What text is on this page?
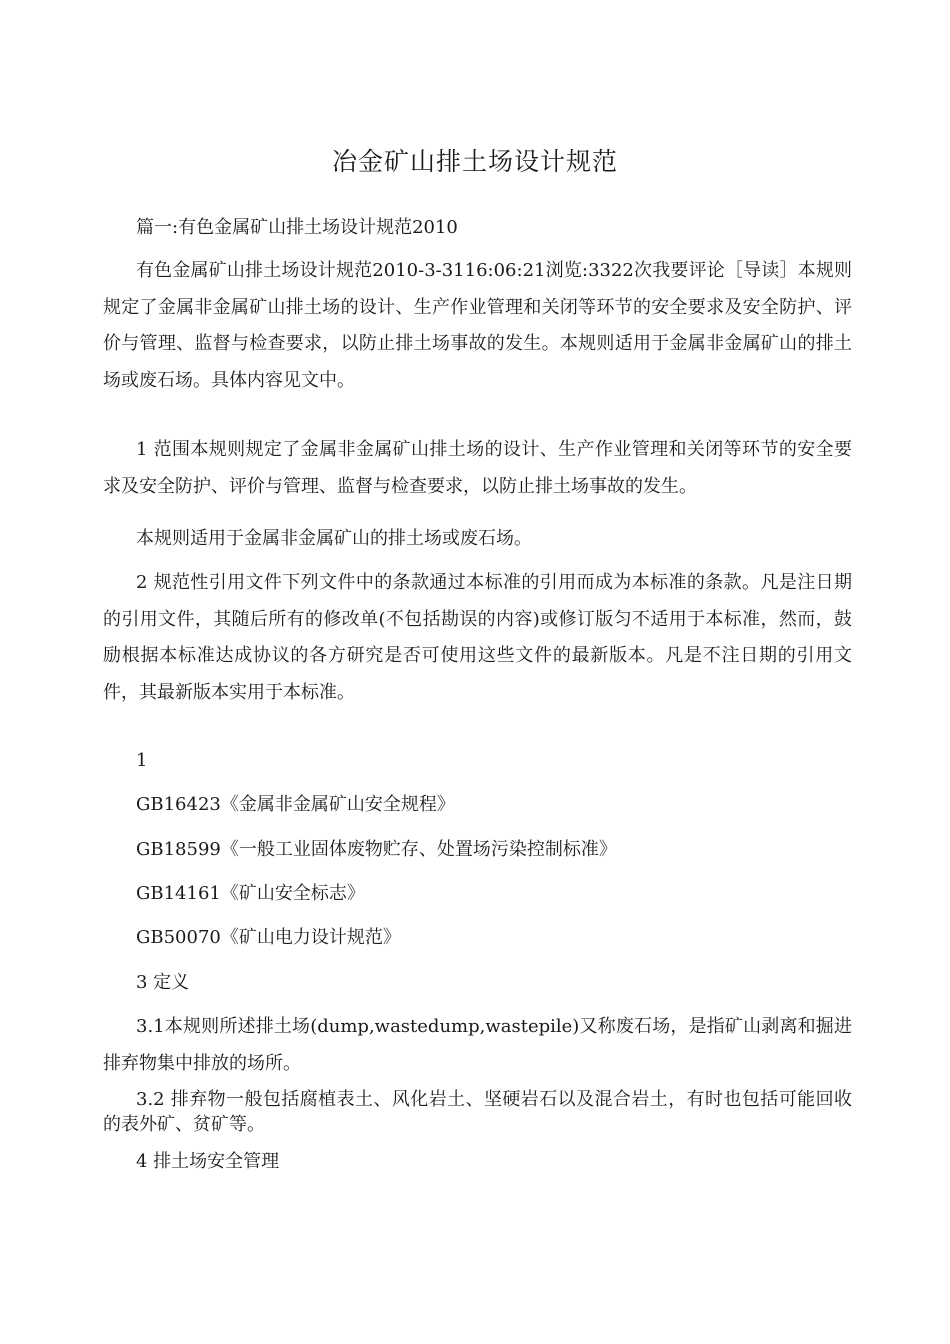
冶金矿山排土场设计规范
篇一:有色金属矿山排土场设计规范2010
有色金属矿山排土场设计规范2010-3-3116:06:21浏览:3322次我要评论［导读］本规则规定了金属非金属矿山排土场的设计、生产作业管理和关闭等环节的安全要求及安全防护、评价与管理、监督与检查要求，以防止排土场事故的发生。本规则适用于金属非金属矿山的排土场或废石场。具体内容见文中。
1 范围本规则规定了金属非金属矿山排土场的设计、生产作业管理和关闭等环节的安全要求及安全防护、评价与管理、监督与检查要求，以防止排土场事故的发生。
本规则适用于金属非金属矿山的排土场或废石场。
2 规范性引用文件下列文件中的条款通过本标准的引用而成为本标准的条款。凡是注日期的引用文件，其随后所有的修改单(不包括勘误的内容)或修订版匀不适用于本标准，然而，鼓励根据本标准达成协议的各方研究是否可使用这些文件的最新版本。凡是不注日期的引用文件，其最新版本实用于本标准。
1
GB16423《金属非金属矿山安全规程》
GB18599《一般工业固体废物贮存、处置场污染控制标准》
GB14161《矿山安全标志》
GB50070《矿山电力设计规范》
3 定义
3.1本规则所述排土场(dump,wastedump,wastepile)又称废石场，是指矿山剥离和掘进排弃物集中排放的场所。
3.2 排弃物一般包括腐植表土、风化岩土、坚硬岩石以及混合岩土，有时也包括可能回收的表外矿、贫矿等。
4 排土场安全管理
